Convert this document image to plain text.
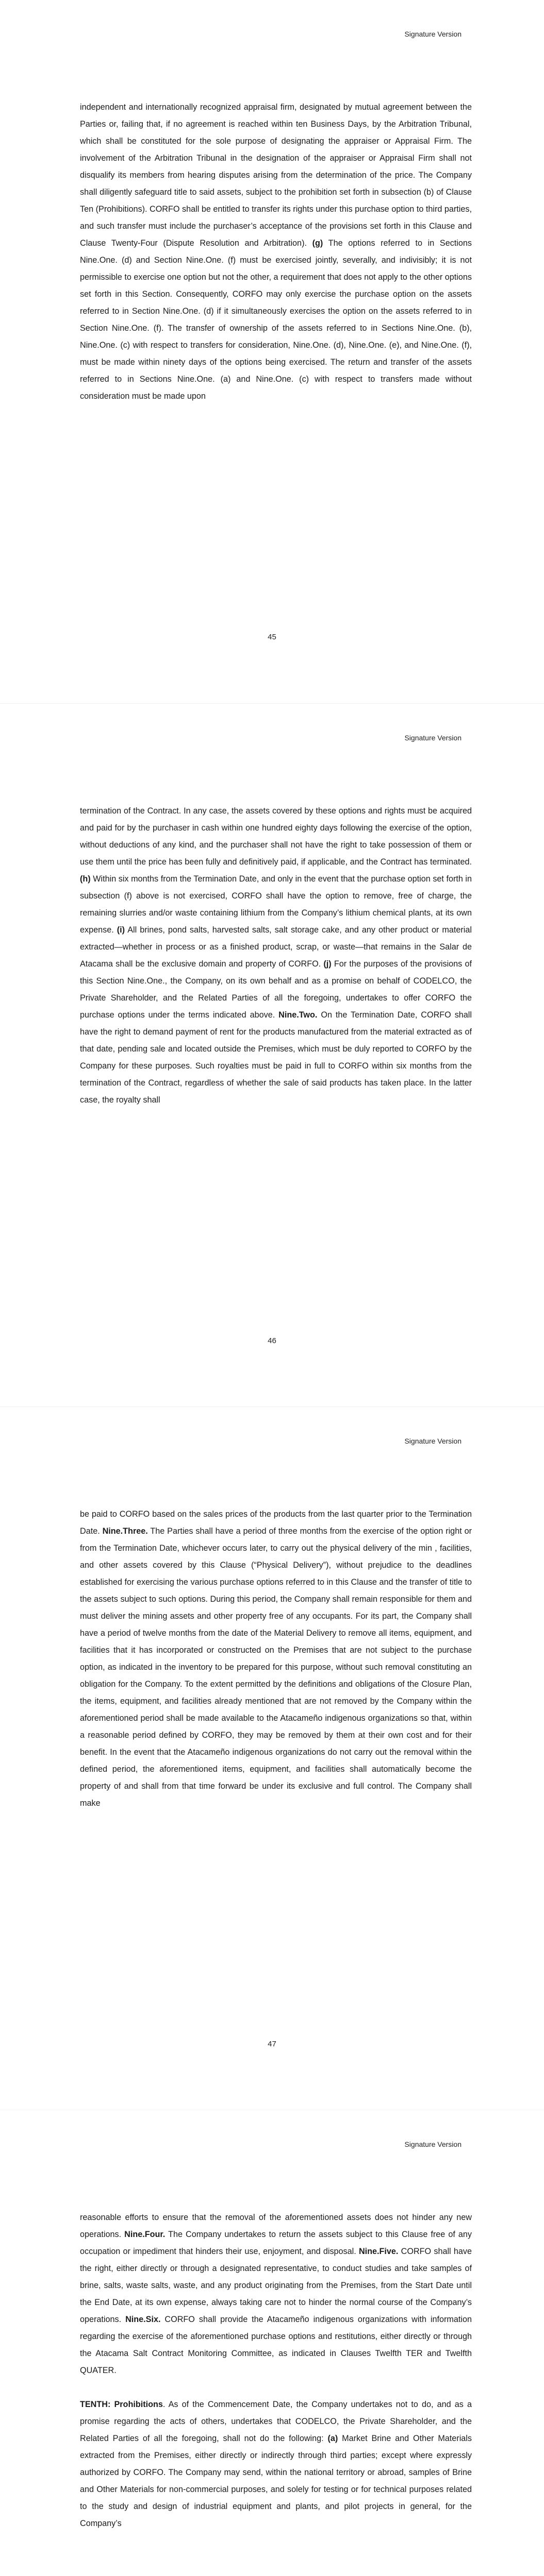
Signature Version

independent and internationally recognized appraisal firm, designated by mutual agreement between the Parties or, failing that, if no agreement is reached within ten Business Days, by the Arbitration Tribunal, which shall be constituted for the sole purpose of designating the appraiser or Appraisal Firm. The involvement of the Arbitration Tribunal in the designation of the appraiser or Appraisal Firm shall not disqualify its members from hearing disputes arising from the determination of the price. The Company shall diligently safeguard title to said assets, subject to the prohibition set forth in subsection (b) of Clause Ten (Prohibitions). CORFO shall be entitled to transfer its rights under this purchase option to third parties, and such transfer must include the purchaser’s acceptance of the provisions set forth in this Clause and Clause Twenty-Four (Dispute Resolution and Arbitration). (g) The options referred to in Sections Nine.One. (d) and Section Nine.One. (f) must be exercised jointly, severally, and indivisibly; it is not permissible to exercise one option but not the other, a requirement that does not apply to the other options set forth in this Section. Consequently, CORFO may only exercise the purchase option on the assets referred to in Section Nine.One. (d) if it simultaneously exercises the option on the assets referred to in Section Nine.One. (f). The transfer of ownership of the assets referred to in Sections Nine.One. (b), Nine.One. (c) with respect to transfers for consideration, Nine.One. (d), Nine.One. (e), and Nine.One. (f), must be made within ninety days of the options being exercised. The return and transfer of the assets referred to in Sections Nine.One. (a) and Nine.One. (c) with respect to transfers made without consideration must be made upon

45
Signature Version

termination of the Contract. In any case, the assets covered by these options and rights must be acquired and paid for by the purchaser in cash within one hundred eighty days following the exercise of the option, without deductions of any kind, and the purchaser shall not have the right to take possession of them or use them until the price has been fully and definitively paid, if applicable, and the Contract has terminated. (h) Within six months from the Termination Date, and only in the event that the purchase option set forth in subsection (f) above is not exercised, CORFO shall have the option to remove, free of charge, the remaining slurries and/or waste containing lithium from the Company’s lithium chemical plants, at its own expense. (i) All brines, pond salts, harvested salts, salt storage cake, and any other product or material extracted—whether in process or as a finished product, scrap, or waste—that remains in the Salar de Atacama shall be the exclusive domain and property of CORFO. (j) For the purposes of the provisions of this Section Nine.One., the Company, on its own behalf and as a promise on behalf of CODELCO, the Private Shareholder, and the Related Parties of all the foregoing, undertakes to offer CORFO the purchase options under the terms indicated above. Nine.Two. On the Termination Date, CORFO shall have the right to demand payment of rent for the products manufactured from the material extracted as of that date, pending sale and located outside the Premises, which must be duly reported to CORFO by the Company for these purposes. Such royalties must be paid in full to CORFO within six months from the termination of the Contract, regardless of whether the sale of said products has taken place. In the latter case, the royalty shall

46
Signature Version

be paid to CORFO based on the sales prices of the products from the last quarter prior to the Termination Date. Nine.Three. The Parties shall have a period of three months from the exercise of the option right or from the Termination Date, whichever occurs later, to carry out the physical delivery of the min , facilities, and other assets covered by this Clause (“Physical Delivery”), without prejudice to the deadlines established for exercising the various purchase options referred to in this Clause and the transfer of title to the assets subject to such options. During this period, the Company shall remain responsible for them and must deliver the mining assets and other property free of any occupants. For its part, the Company shall have a period of twelve months from the date of the Material Delivery to remove all items, equipment, and facilities that it has incorporated or constructed on the Premises that are not subject to the purchase option, as indicated in the inventory to be prepared for this purpose, without such removal constituting an obligation for the Company. To the extent permitted by the definitions and obligations of the Closure Plan, the items, equipment, and facilities already mentioned that are not removed by the Company within the aforementioned period shall be made available to the Atacameño indigenous organizations so that, within a reasonable period defined by CORFO, they may be removed by them at their own cost and for their benefit. In the event that the Atacameño indigenous organizations do not carry out the removal within the defined period, the aforementioned items, equipment, and facilities shall automatically become the property of and shall from that time forward be under its exclusive and full control. The Company shall make

47
Signature Version

reasonable efforts to ensure that the removal of the aforementioned assets does not hinder any new operations. Nine.Four. The Company undertakes to return the assets subject to this Clause free of any occupation or impediment that hinders their use, enjoyment, and disposal. Nine.Five. CORFO shall have the right, either directly or through a designated representative, to conduct studies and take samples of brine, salts, waste salts, waste, and any product originating from the Premises, from the Start Date until the End Date, at its own expense, always taking care not to hinder the normal course of the Company’s operations. Nine.Six. CORFO shall provide the Atacameño indigenous organizations with information regarding the exercise of the aforementioned purchase options and restitutions, either directly or through the Atacama Salt Contract Monitoring Committee, as indicated in Clauses Twelfth TER and Twelfth QUATER.

TENTH: Prohibitions. As of the Commencement Date, the Company undertakes not to do, and as a promise regarding the acts of others, undertakes that CODELCO, the Private Shareholder, and the Related Parties of all the foregoing, shall not do the following: (a) Market Brine and Other Materials extracted from the Premises, either directly or indirectly through third parties; except where expressly authorized by CORFO. The Company may send, within the national territory or abroad, samples of Brine and Other Materials for non-commercial purposes, and solely for testing or for technical purposes related to the study and design of industrial equipment and plants, and pilot projects in general, for the Company’s
